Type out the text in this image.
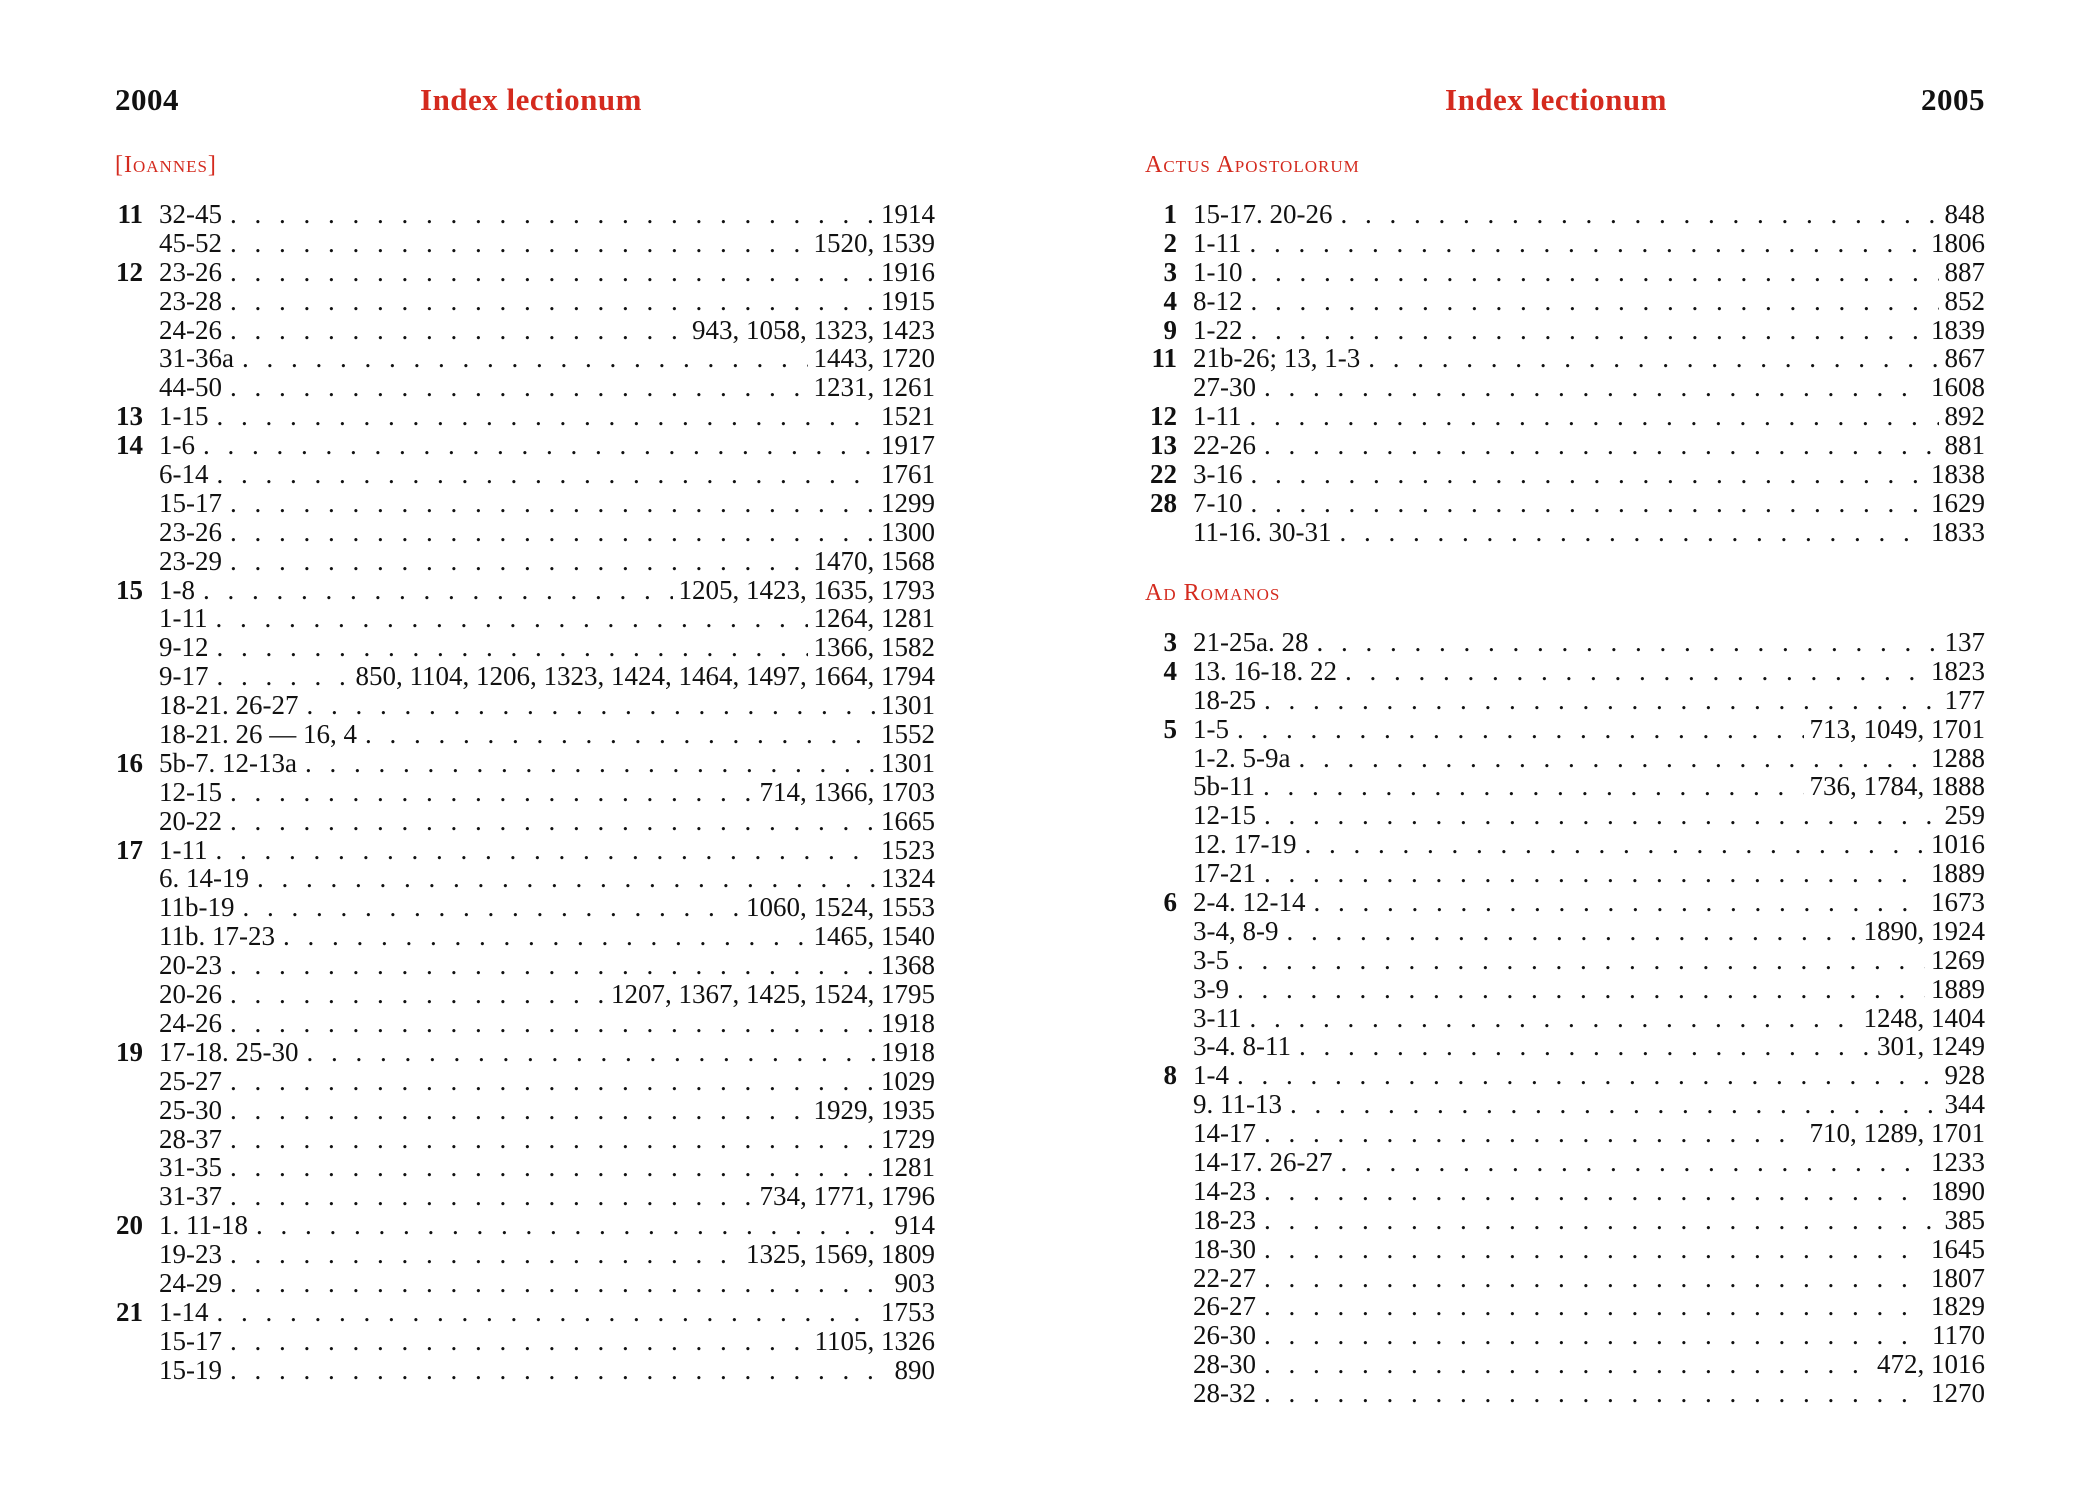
2004	Index lectionum
[Ioannes]
11 32-45 . . .	1914
45-52 . . .	1520, 1539
12 23-26 . . .	1916
23-28 . . .	1915
24-26 . . .	943, 1058, 1323, 1423
31-36a . . .	1443, 1720
44-50 . . .	1231, 1261
13 1-15 . . .	1521
14 1-6 . . .	1917
6-14 . . .	1761
15-17 . . .	1299
23-26 . . .	1300
23-29 . . .	1470, 1568
15 1-8 . . .	1205, 1423, 1635, 1793
1-11 . . .	1264, 1281
9-12 . . .	1366, 1582
9-17 . . .	850, 1104, 1206, 1323, 1424, 1464, 1497, 1664, 1794
18-21. 26-27 . . .	1301
18-21. 26 — 16, 4 . . .	1552
16 5b-7. 12-13a . . .	1301
12-15 . . .	714, 1366, 1703
20-22 . . .	1665
17 1-11 . . .	1523
6. 14-19 . . .	1324
11b-19 . . .	1060, 1524, 1553
11b. 17-23 . . .	1465, 1540
20-23 . . .	1368
20-26 . . .	1207, 1367, 1425, 1524, 1795
24-26 . . .	1918
19 17-18. 25-30 . . .	1918
25-27 . . .	1029
25-30 . . .	1929, 1935
28-37 . . .	1729
31-35 . . .	1281
31-37 . . .	734, 1771, 1796
20 1. 11-18 . . .	914
19-23 . . .	1325, 1569, 1809
24-29 . . .	903
21 1-14 . . .	1753
15-17 . . .	1105, 1326
15-19 . . .	890
Index lectionum	2005
Actus Apostolorum
1 15-17. 20-26 . . .	848
2 1-11 . . .	1806
3 1-10 . . .	887
4 8-12 . . .	852
9 1-22 . . .	1839
11 21b-26; 13, 1-3 . . .	867
27-30 . . .	1608
12 1-11 . . .	892
13 22-26 . . .	881
22 3-16 . . .	1838
28 7-10 . . .	1629
11-16. 30-31 . . .	1833
Ad Romanos
3 21-25a. 28 . . .	137
4 13. 16-18. 22 . . .	1823
18-25 . . .	177
5 1-5 . . .	713, 1049, 1701
1-2. 5-9a . . .	1288
5b-11 . . .	736, 1784, 1888
12-15 . . .	259
12. 17-19 . . .	1016
17-21 . . .	1889
6 2-4. 12-14 . . .	1673
3-4, 8-9 . . .	1890, 1924
3-5 . . .	1269
3-9 . . .	1889
3-11 . . .	1248, 1404
3-4. 8-11 . . .	301, 1249
8 1-4 . . .	928
9. 11-13 . . .	344
14-17 . . .	710, 1289, 1701
14-17. 26-27 . . .	1233
14-23 . . .	1890
18-23 . . .	385
18-30 . . .	1645
22-27 . . .	1807
26-27 . . .	1829
26-30 . . .	1170
28-30 . . .	472, 1016
28-32 . . .	1270
